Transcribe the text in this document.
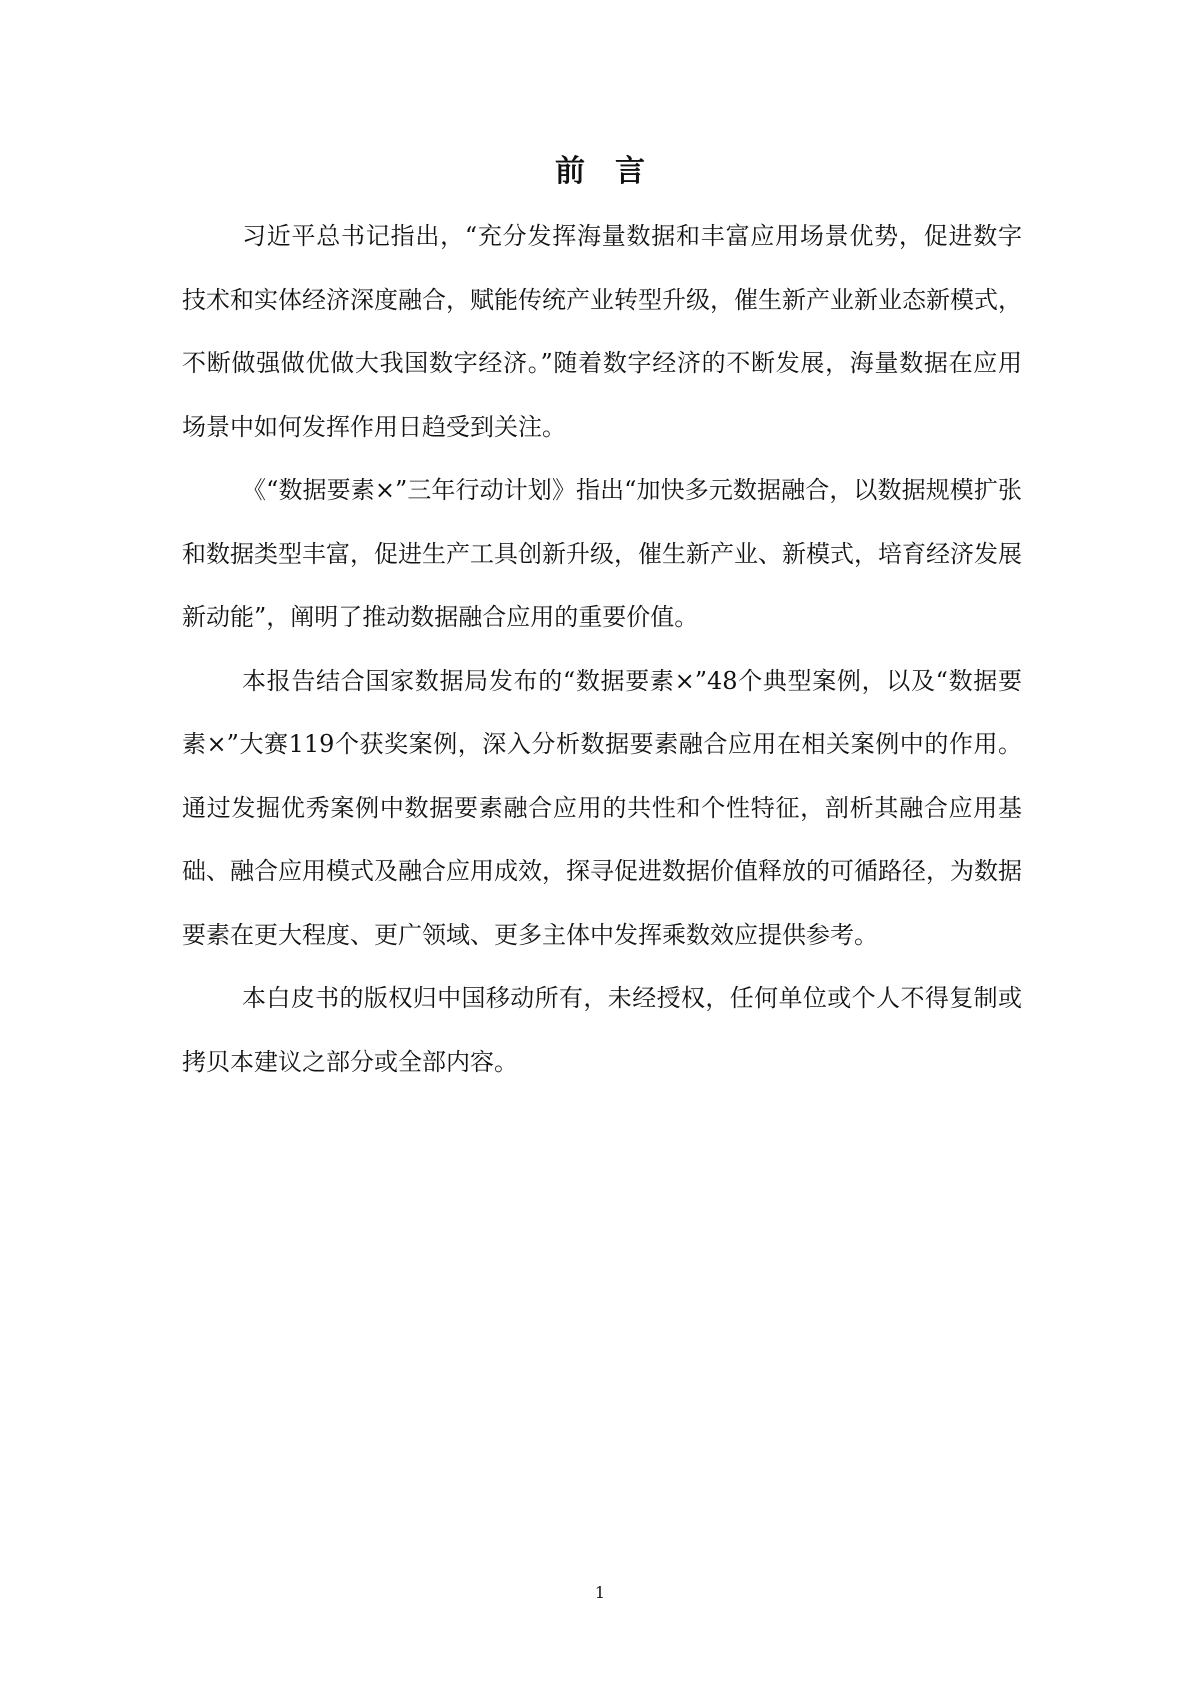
前言

习近平总书记指出，“充分发挥海量数据和丰富应用场景优势，促进数字技术和实体经济深度融合，赋能传统产业转型升级，催生新产业新业态新模式，不断做强做优做大我国数字经济。”随着数字经济的不断发展，海量数据在应用场景中如何发挥作用日趋受到关注。

《“数据要素×”三年行动计划》指出“加快多元数据融合，以数据规模扩张和数据类型丰富，促进生产工具创新升级，催生新产业、新模式，培育经济发展新动能”，阐明了推动数据融合应用的重要价值。

本报告结合国家数据局发布的“数据要素×”48个典型案例，以及“数据要素×”大赛119个获奖案例，深入分析数据要素融合应用在相关案例中的作用。通过发掘优秀案例中数据要素融合应用的共性和个性特征，剖析其融合应用基础、融合应用模式及融合应用成效，探寻促进数据价值释放的可循路径，为数据要素在更大程度、更广领域、更多主体中发挥乘数效应提供参考。

本白皮书的版权归中国移动所有，未经授权，任何单位或个人不得复制或拷贝本建议之部分或全部内容。

1
